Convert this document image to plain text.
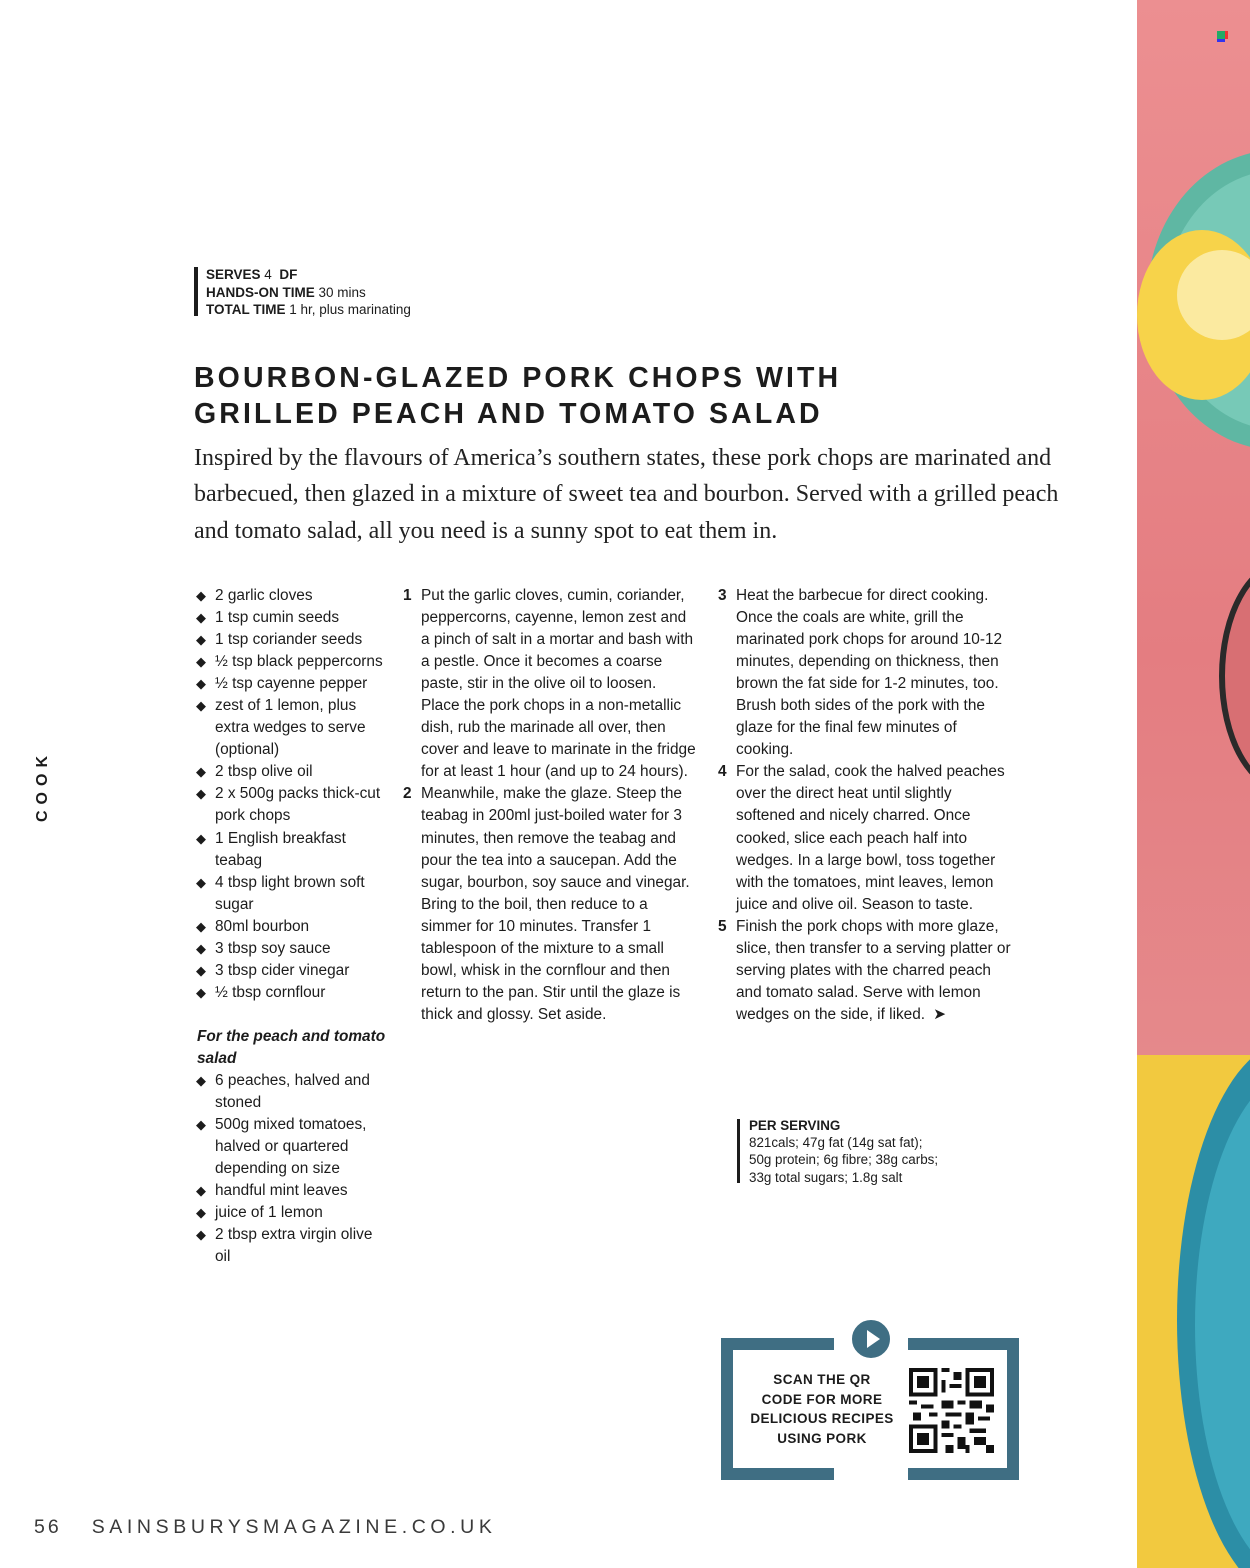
SERVES 4 DF
HANDS-ON TIME 30 mins
TOTAL TIME 1 hr, plus marinating
BOURBON-GLAZED PORK CHOPS WITH
GRILLED PEACH AND TOMATO SALAD

Inspired by the flavours of America’s southern states, these pork chops are marinated and barbecued, then glazed in a mixture of sweet tea and bourbon. Served with a grilled peach and tomato salad, all you need is a sunny spot to eat them in.

◆ 2 garlic cloves
◆ 1 tsp cumin seeds
◆ 1 tsp coriander seeds
◆ ½ tsp black peppercorns
◆ ½ tsp cayenne pepper
◆ zest of 1 lemon, plus extra wedges to serve (optional)
◆ 2 tbsp olive oil
◆ 2 x 500g packs thick-cut pork chops
◆ 1 English breakfast teabag
◆ 4 tbsp light brown soft sugar
◆ 80ml bourbon
◆ 3 tbsp soy sauce
◆ 3 tbsp cider vinegar
◆ ½ tbsp cornflour
For the peach and tomato salad
◆ 6 peaches, halved and stoned
◆ 500g mixed tomatoes, halved or quartered depending on size
◆ handful mint leaves
◆ juice of 1 lemon
◆ 2 tbsp extra virgin olive oil
1 Put the garlic cloves, cumin, coriander, peppercorns, cayenne, lemon zest and a pinch of salt in a mortar and bash with a pestle. Once it becomes a coarse paste, stir in the olive oil to loosen. Place the pork chops in a non-metallic dish, rub the marinade all over, then cover and leave to marinate in the fridge for at least 1 hour (and up to 24 hours).
2 Meanwhile, make the glaze. Steep the teabag in 200ml just-boiled water for 3 minutes, then remove the teabag and pour the tea into a saucepan. Add the sugar, bourbon, soy sauce and vinegar. Bring to the boil, then reduce to a simmer for 10 minutes. Transfer 1 tablespoon of the mixture to a small bowl, whisk in the cornflour and then return to the pan. Stir until the glaze is thick and glossy. Set aside.
3 Heat the barbecue for direct cooking. Once the coals are white, grill the marinated pork chops for around 10-12 minutes, depending on thickness, then brown the fat side for 1-2 minutes, too. Brush both sides of the pork with the glaze for the final few minutes of cooking.
4 For the salad, cook the halved peaches over the direct heat until slightly softened and nicely charred. Once cooked, slice each peach half into wedges. In a large bowl, toss together with the tomatoes, mint leaves, lemon juice and olive oil. Season to taste.
5 Finish the pork chops with more glaze, slice, then transfer to a serving platter or serving plates with the charred peach and tomato salad. Serve with lemon wedges on the side, if liked. ➤
PER SERVING
821cals; 47g fat (14g sat fat);
50g protein; 6g fibre; 38g carbs;
33g total sugars; 1.8g salt
SCAN THE QR
CODE FOR MORE
DELICIOUS RECIPES
USING PORK
COOK
56 SAINSBURYSMAGAZINE.CO.UK
